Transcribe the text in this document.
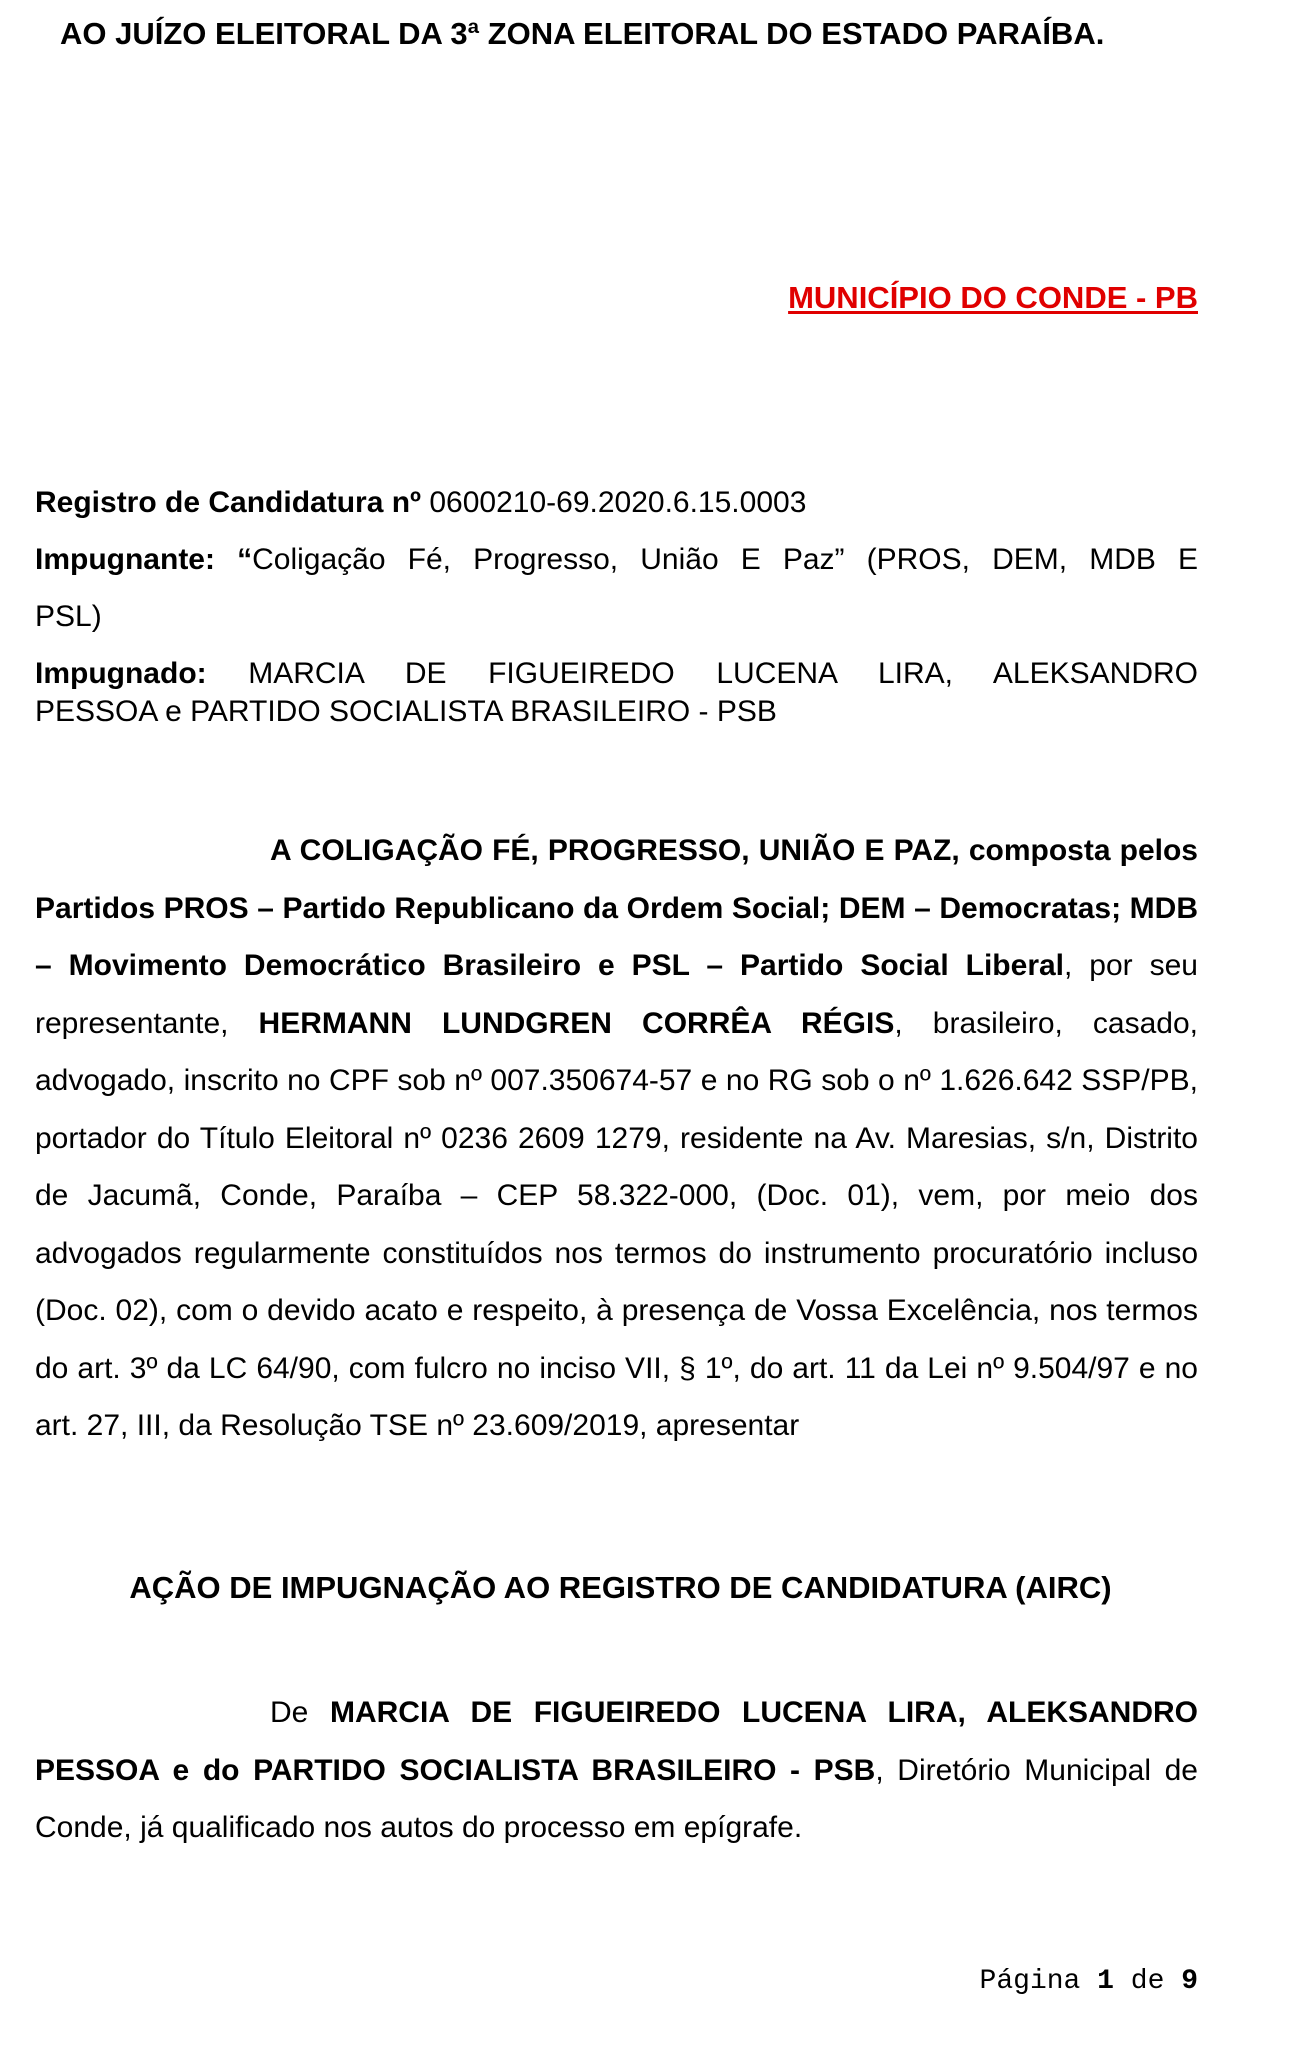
AO JUÍZO ELEITORAL DA 3ª ZONA ELEITORAL DO ESTADO PARAÍBA.
MUNICÍPIO DO CONDE - PB
Registro de Candidatura nº 0600210-69.2020.6.15.0003
Impugnante: “Coligação Fé, Progresso, União E Paz” (PROS, DEM, MDB E
PSL)
Impugnado: MARCIA DE FIGUEIREDO LUCENA LIRA, ALEKSANDRO
PESSOA e PARTIDO SOCIALISTA BRASILEIRO - PSB
A COLIGAÇÃO FÉ, PROGRESSO, UNIÃO E PAZ, composta pelos Partidos PROS – Partido Republicano da Ordem Social; DEM – Democratas; MDB – Movimento Democrático Brasileiro e PSL – Partido Social Liberal, por seu representante, HERMANN LUNDGREN CORRÊA RÉGIS, brasileiro, casado, advogado, inscrito no CPF sob nº 007.350674-57 e no RG sob o nº 1.626.642 SSP/PB, portador do Título Eleitoral nº 0236 2609 1279, residente na Av. Maresias, s/n, Distrito de Jacumã, Conde, Paraíba – CEP 58.322-000, (Doc. 01), vem, por meio dos advogados regularmente constituídos nos termos do instrumento procuratório incluso (Doc. 02), com o devido acato e respeito, à presença de Vossa Excelência, nos termos do art. 3º da LC 64/90, com fulcro no inciso VII, § 1º, do art. 11 da Lei nº 9.504/97 e no art. 27, III, da Resolução TSE nº 23.609/2019, apresentar
AÇÃO DE IMPUGNAÇÃO AO REGISTRO DE CANDIDATURA (AIRC)
De MARCIA DE FIGUEIREDO LUCENA LIRA, ALEKSANDRO PESSOA e do PARTIDO SOCIALISTA BRASILEIRO - PSB, Diretório Municipal de Conde, já qualificado nos autos do processo em epígrafe.
Página 1 de 9
